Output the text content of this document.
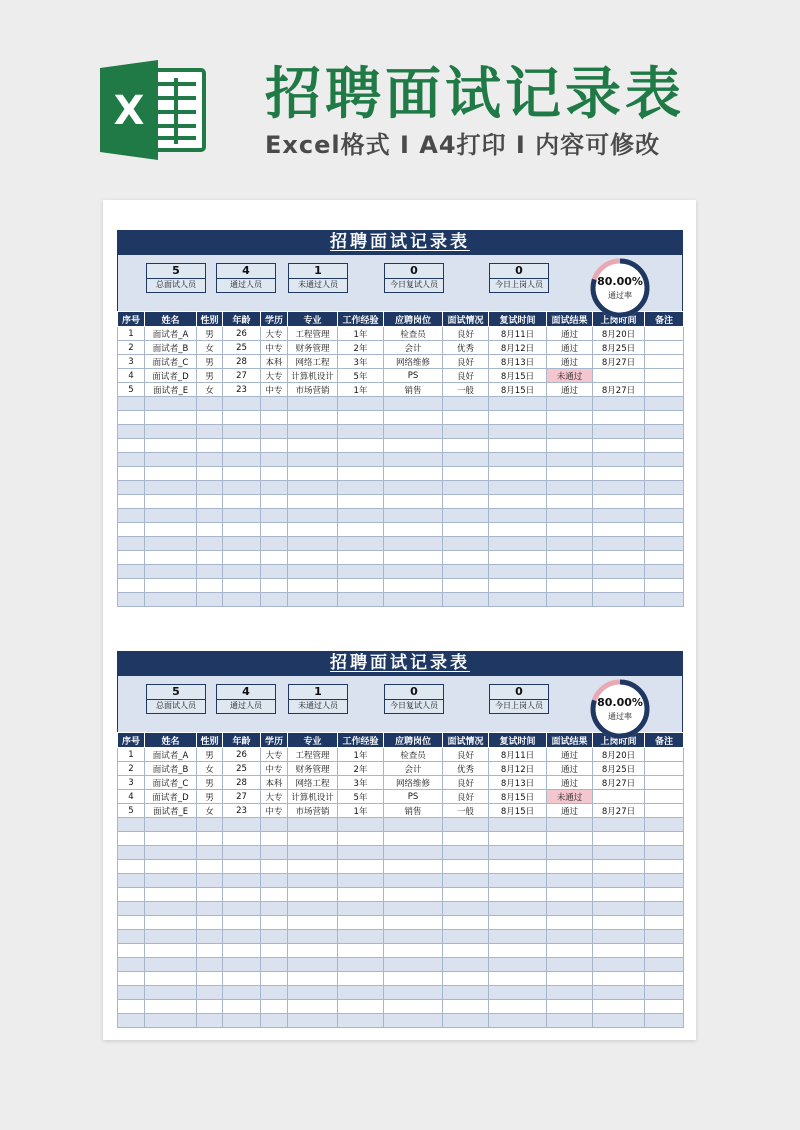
X 招聘面试记录表
Excel格式 I A4打印 I 内容可修改
招聘面试记录表
5
总面试人员
4
通过人员
1
未通过人员
0
今日复试人员
0
今日上岗人员	80.00%
通过率
序号	姓名	性别	年龄	学历	专业	工作经验	应聘岗位	面试情况	复试时间	面试结果	上岗时间	备注
1	面试者_A	男	26	大专	工程管理	1年	检查员	良好	8月11日	通过	8月20日	
2	面试者_B	女	25	中专	财务管理	2年	会计	优秀	8月12日	通过	8月25日	
3	面试者_C	男	28	本科	网络工程	3年	网络维修	良好	8月13日	通过	8月27日	
4	面试者_D	男	27	大专	计算机设计	5年	PS	良好	8月15日	未通过		
5	面试者_E	女	23	中专	市场营销	1年	销售	一般	8月15日	通过	8月27日	

招聘面试记录表
5
总面试人员
4
通过人员
1
未通过人员
0
今日复试人员
0
今日上岗人员	80.00%
通过率
序号	姓名	性别	年龄	学历	专业	工作经验	应聘岗位	面试情况	复试时间	面试结果	上岗时间	备注
1	面试者_A	男	26	大专	工程管理	1年	检查员	良好	8月11日	通过	8月20日	
2	面试者_B	女	25	中专	财务管理	2年	会计	优秀	8月12日	通过	8月25日	
3	面试者_C	男	28	本科	网络工程	3年	网络维修	良好	8月13日	通过	8月27日	
4	面试者_D	男	27	大专	计算机设计	5年	PS	良好	8月15日	未通过		
5	面试者_E	女	23	中专	市场营销	1年	销售	一般	8月15日	通过	8月27日	
